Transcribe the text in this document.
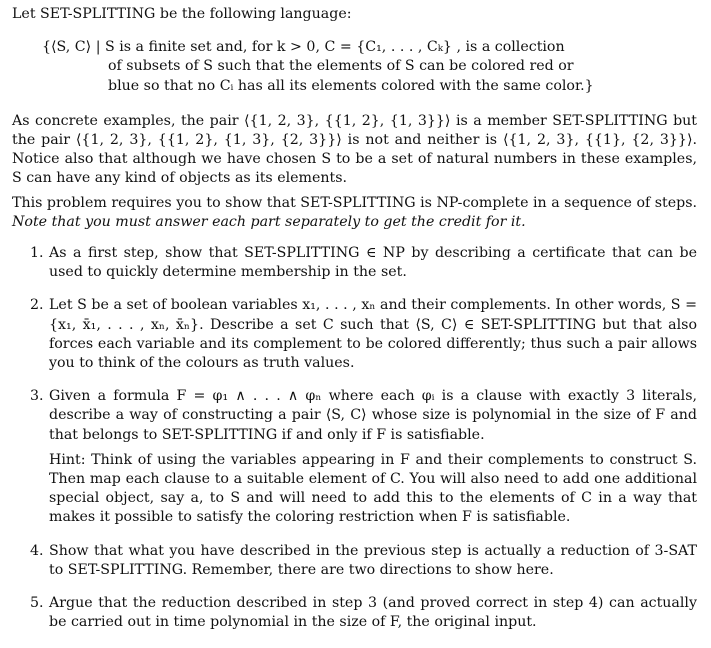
Let SET-SPLITTING be the following language:

{⟨S, C⟩ | S is a finite set and, for k > 0, C = {C₁, . . . , Cₖ} , is a collection

of subsets of S such that the elements of S can be colored red or

blue so that no Cᵢ has all its elements colored with the same color.}

As concrete examples, the pair ⟨{1, 2, 3}, {{1, 2}, {1, 3}}⟩ is a member SET-SPLITTING but the pair ⟨{1, 2, 3}, {{1, 2}, {1, 3}, {2, 3}}⟩ is not and neither is ⟨{1, 2, 3}, {{1}, {2, 3}}⟩. Notice also that although we have chosen S to be a set of natural numbers in these examples, S can have any kind of objects as its elements.

This problem requires you to show that SET-SPLITTING is NP-complete in a sequence of steps. Note that you must answer each part separately to get the credit for it.

1. As a first step, show that SET-SPLITTING ∈ NP by describing a certificate that can be used to quickly determine membership in the set.
2. Let S be a set of boolean variables x₁, . . . , xₙ and their complements. In other words, S = {x₁, x̄₁, . . . , xₙ, x̄ₙ}. Describe a set C such that ⟨S, C⟩ ∈ SET-SPLITTING but that also forces each variable and its complement to be colored differently; thus such a pair allows you to think of the colours as truth values.
3. Given a formula F = φ₁ ∧ . . . ∧ φₙ where each φᵢ is a clause with exactly 3 literals, describe a way of constructing a pair ⟨S, C⟩ whose size is polynomial in the size of F and that belongs to SET-SPLITTING if and only if F is satisfiable.
Hint: Think of using the variables appearing in F and their complements to construct S. Then map each clause to a suitable element of C. You will also need to add one additional special object, say a, to S and will need to add this to the elements of C in a way that makes it possible to satisfy the coloring restriction when F is satisfiable.
4. Show that what you have described in the previous step is actually a reduction of 3-SAT to SET-SPLITTING. Remember, there are two directions to show here.
5. Argue that the reduction described in step 3 (and proved correct in step 4) can actually be carried out in time polynomial in the size of F, the original input.
